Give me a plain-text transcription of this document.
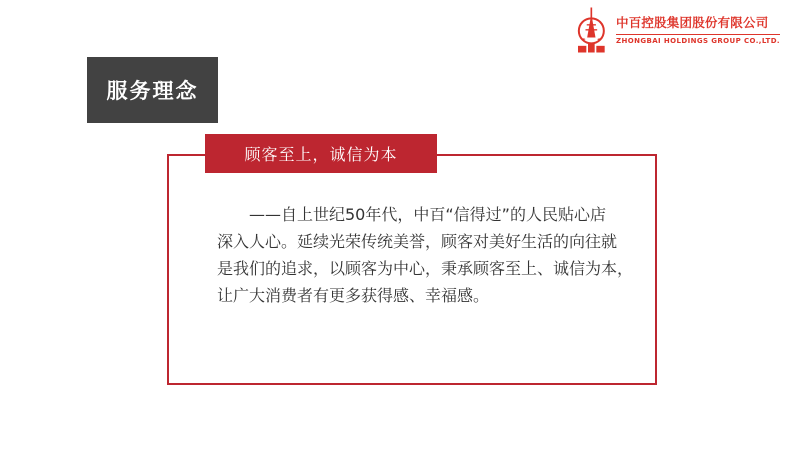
中百控股集团股份有限公司
ZHONGBAI HOLDINGS GROUP CO.,LTD.
服务理念
顾客至上，诚信为本
——自上世纪50年代，中百“信得过”的人民贴心店
深入人心。延续光荣传统美誉，顾客对美好生活的向往就
是我们的追求，以顾客为中心，秉承顾客至上、诚信为本，
让广大消费者有更多获得感、幸福感。
